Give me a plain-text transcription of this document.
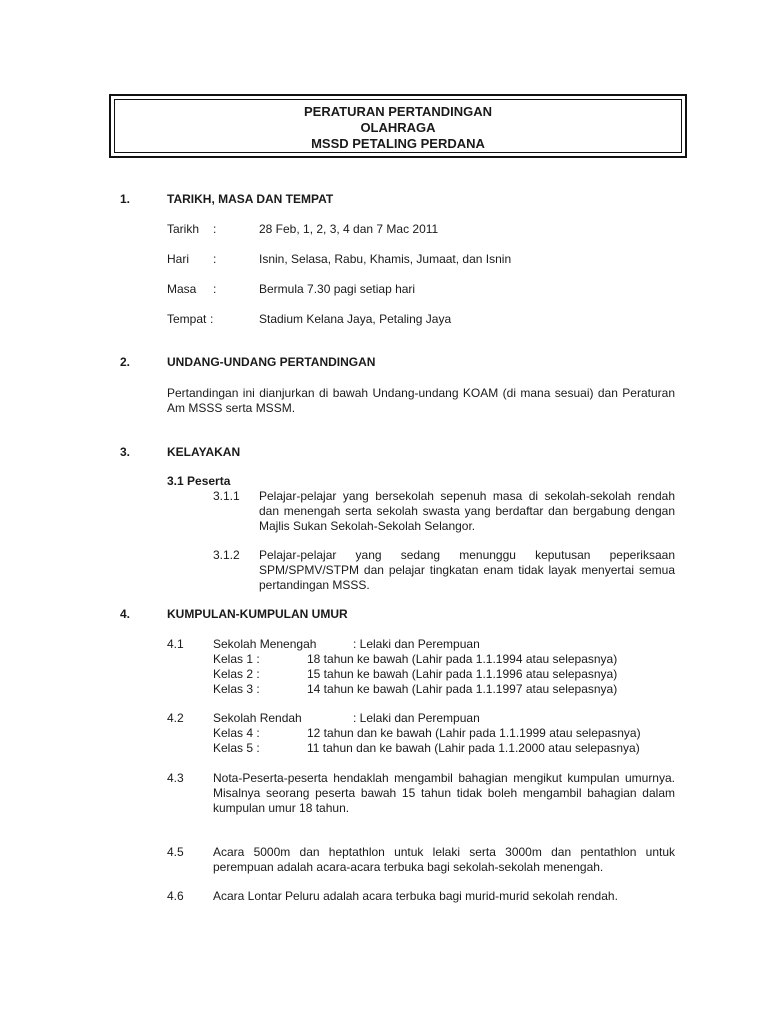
PERATURAN PERTANDINGAN
OLAHRAGA
MSSD PETALING PERDANA
1.	TARIKH, MASA DAN TEMPAT
Tarikh :	28 Feb, 1, 2, 3, 4 dan 7 Mac 2011
Hari :	Isnin, Selasa, Rabu, Khamis, Jumaat, dan Isnin
Masa :	Bermula 7.30 pagi setiap hari
Tempat :	Stadium Kelana Jaya, Petaling Jaya
2.	UNDANG-UNDANG PERTANDINGAN
Pertandingan ini dianjurkan di bawah Undang-undang KOAM (di mana sesuai) dan Peraturan Am MSSS serta MSSM.
3.	KELAYAKAN
3.1 Peserta
3.1.1 Pelajar-pelajar yang bersekolah sepenuh masa di sekolah-sekolah rendah dan menengah serta sekolah swasta yang berdaftar dan bergabung dengan Majlis Sukan Sekolah-Sekolah Selangor.
3.1.2 Pelajar-pelajar yang sedang menunggu keputusan peperiksaan SPM/SPMV/STPM dan pelajar tingkatan enam tidak layak menyertai semua pertandingan MSSS.
4.	KUMPULAN-KUMPULAN UMUR
4.1 Sekolah Menengah	: Lelaki dan Perempuan
Kelas 1 :	18 tahun ke bawah (Lahir pada 1.1.1994 atau selepasnya)
Kelas 2 :	15 tahun ke bawah (Lahir pada 1.1.1996 atau selepasnya)
Kelas 3 :	14 tahun ke bawah (Lahir pada 1.1.1997 atau selepasnya)
4.2 Sekolah Rendah	: Lelaki dan Perempuan
Kelas 4 :	12 tahun dan ke bawah (Lahir pada 1.1.1999 atau selepasnya)
Kelas 5 :	11 tahun dan ke bawah (Lahir pada 1.1.2000 atau selepasnya)
4.3 Nota-Peserta-peserta hendaklah mengambil bahagian mengikut kumpulan umurnya. Misalnya seorang peserta bawah 15 tahun tidak boleh mengambil bahagian dalam kumpulan umur 18 tahun.
4.5 Acara 5000m dan heptathlon untuk lelaki serta 3000m dan pentathlon untuk perempuan adalah acara-acara terbuka bagi sekolah-sekolah menengah.
4.6 Acara Lontar Peluru adalah acara terbuka bagi murid-murid sekolah rendah.
